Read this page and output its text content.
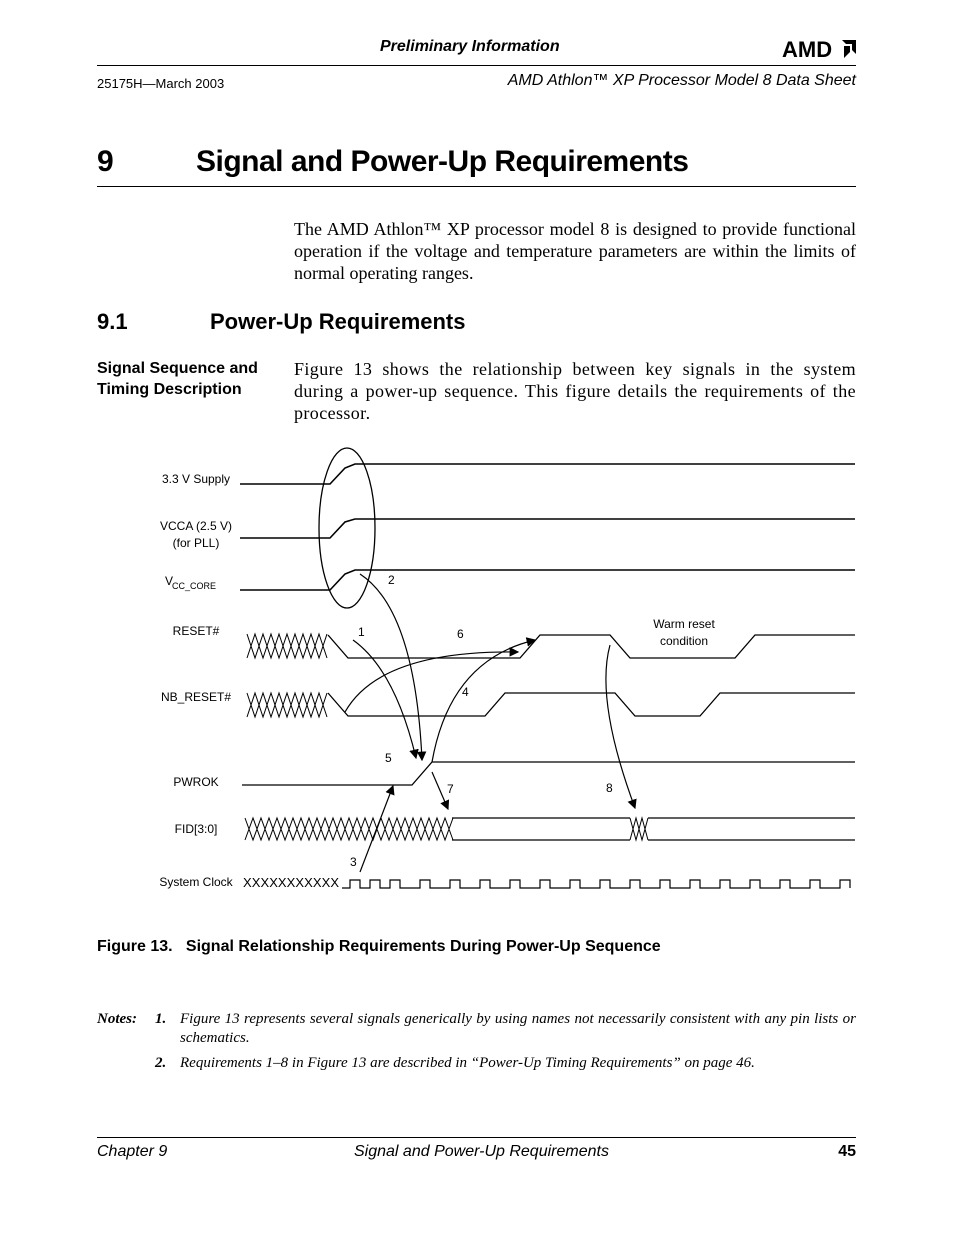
Preliminary Information	AMD
25175H—March 2003	AMD Athlon™ XP Processor Model 8 Data Sheet
9	Signal and Power-Up Requirements
The AMD Athlon™ XP processor model 8 is designed to provide functional operation if the voltage and temperature parameters are within the limits of normal operating ranges.
9.1	Power-Up Requirements
Signal Sequence and
Timing Description
Figure 13 shows the relationship between key signals in the system during a power-up sequence. This figure details the requirements of the processor.
3.3 V Supply
VCCA (2.5 V)
(for PLL)
RESET#
NB_RESET#
PWROK
FID[3:0]
System Clock
V
CC_CORE
Warm reset
condition
XXXXXXXXXXX
1
2
3
4
5
6
7	8
Figure 13.   Signal Relationship Requirements During Power-Up Sequence
Notes: 1. Figure 13 represents several signals generically by using names not necessarily consistent with any pin lists or schematics.
2. Requirements 1–8 in Figure 13 are described in “Power-Up Timing Requirements” on page 46.
Chapter 9	Signal and Power-Up Requirements	45
